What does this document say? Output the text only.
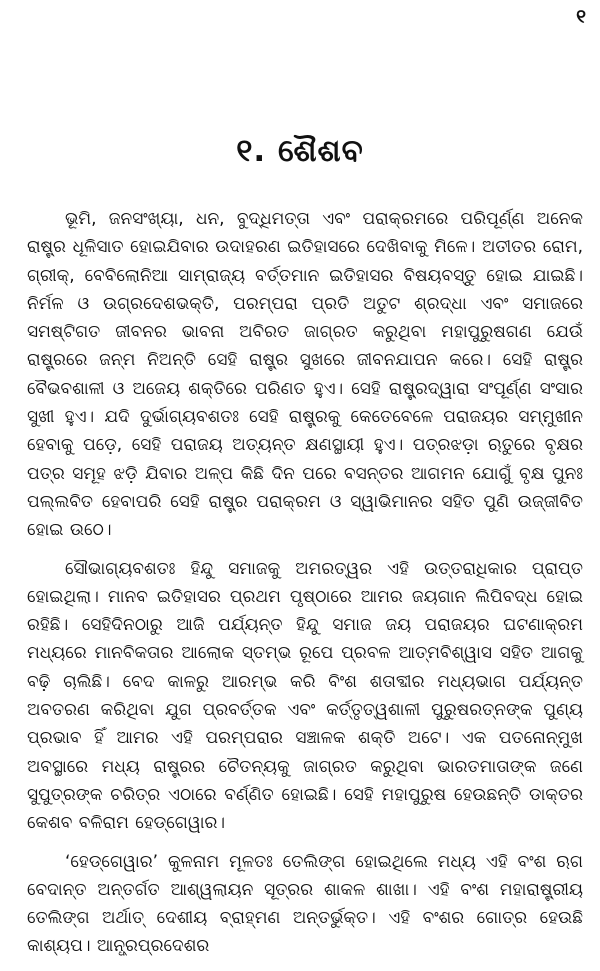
୧
୧. ଶୈଶବ

ଭୂମି, ଜନସଂଖ୍ୟା, ଧନ, ବୁଦ୍ଧିମତ୍ତା ଏବଂ ପରାକ୍ରମରେ ପରିପୂର୍ଣ୍ଣ ଅନେକ ରାଷ୍ଟ୍ର ଧୂଳିସାତ ହୋଇଯିବାର ଉଦାହରଣ ଇତିହାସରେ ଦେଖିବାକୁ ମିଳେ। ଅତୀତର ରୋମ, ଗ୍ରୀକ୍, ବେବିଲୋନିଆ ସାମ୍ରାଜ୍ୟ ବର୍ତ୍ତମାନ ଇତିହାସର ବିଷୟବସ୍ତୁ ହୋଇ ଯାଇଛି। ନିର୍ମଳ ଓ ଉଗ୍ରଦେଶଭକ୍ତି, ପରମ୍ପରା ପ୍ରତି ଅତୁଟ ଶ୍ରଦ୍ଧା ଏବଂ ସମାଜରେ ସମଷ୍ଟିଗତ ଜୀବନର ଭାବନା ଅବିରତ ଜାଗ୍ରତ କରୁଥିବା ମହାପୁରୁଷଗଣ ଯେଉଁ ରାଷ୍ଟ୍ରରେ ଜନ୍ମ ନିଅନ୍ତି ସେହି ରାଷ୍ଟ୍ର ସୁଖରେ ଜୀବନଯାପନ କରେ। ସେହି ରାଷ୍ଟ୍ର ବୈଭବଶାଳୀ ଓ ଅଜେୟ ଶକ୍ତିରେ ପରିଣତ ହୁଏ। ସେହି ରାଷ୍ଟ୍ରଦ୍ୱାରା ସଂପୂର୍ଣ୍ଣ ସଂସାର ସୁଖୀ ହୁଏ। ଯଦି ଦୁର୍ଭାଗ୍ୟବଶତଃ ସେହି ରାଷ୍ଟ୍ରକୁ କେତେବେଳେ ପରାଜୟର ସମ୍ମୁଖୀନ ହେବାକୁ ପଡ଼େ, ସେହି ପରାଜୟ ଅତ୍ୟନ୍ତ କ୍ଷଣସ୍ଥାୟୀ ହୁଏ। ପତ୍ରଝଡ଼ା ଋତୁରେ ବୃକ୍ଷର ପତ୍ର ସମୂହ ଝଡ଼ି ଯିବାର ଅଳ୍ପ କିଛି ଦିନ ପରେ ବସନ୍ତର ଆଗମନ ଯୋଗୁଁ ବୃକ୍ଷ ପୁନଃ ପଲ୍ଲବିତ ହେବାପରି ସେହି ରାଷ୍ଟ୍ର ପରାକ୍ରମ ଓ ସ୍ୱାଭିମାନର ସହିତ ପୁଣି ଉଜ୍ଜୀବିତ ହୋଇ ଉଠେ।

ସୌଭାଗ୍ୟବଶତଃ ହିନ୍ଦୁ ସମାଜକୁ ଅମରତ୍ୱର ଏହି ଉତ୍ତରାଧିକାର ପ୍ରାପ୍ତ ହୋଇଥିଲା। ମାନବ ଇତିହାସର ପ୍ରଥମ ପୃଷ୍ଠାରେ ଆମର ଜୟଗାନ ଲିପିବଦ୍ଧ ହୋଇ ରହିଛି। ସେହିଦିନଠାରୁ ଆଜି ପର୍ଯ୍ୟନ୍ତ ହିନ୍ଦୁ ସମାଜ ଜୟ ପରାଜୟର ଘଟଣାକ୍ରମ ମଧ୍ୟରେ ମାନବିକତାର ଆଲୋକ ସ୍ତମ୍ଭ ରୂପେ ପ୍ରବଳ ଆତ୍ମବିଶ୍ୱାସ ସହିତ ଆଗକୁ ବଢ଼ି ଚାଲିଛି। ବେଦ କାଳରୁ ଆରମ୍ଭ କରି ବିଂଶ ଶତାବ୍ଦୀର ମଧ୍ୟଭାଗ ପର୍ଯ୍ୟନ୍ତ ଅବତରଣ କରିଥିବା ଯୁଗ ପ୍ରବର୍ତ୍ତକ ଏବଂ କର୍ତ୍ତୃତ୍ୱଶାଳୀ ପୁରୁଷରତ୍ନଙ୍କ ପୁଣ୍ୟ ପ୍ରଭାବ ହିଁ ଆମର ଏହି ପରମ୍ପରାର ସଞ୍ଚାଳକ ଶକ୍ତି ଅଟେ। ଏକ ପତନୋନ୍ମୁଖ ଅବସ୍ଥାରେ ମଧ୍ୟ ରାଷ୍ଟ୍ରର ଚୈତନ୍ୟକୁ ଜାଗ୍ରତ କରୁଥିବା ଭାରତମାତାଙ୍କ ଜଣେ ସୁପୁତ୍ରଙ୍କ ଚରିତ୍ର ଏଠାରେ ବର୍ଣ୍ଣିତ ହୋଇଛି। ସେହି ମହାପୁରୁଷ ହେଉଛନ୍ତି ଡାକ୍ତର କେଶବ ବଳିରାମ ହେଡ୍‌ଗେୱାର।

‘ହେଡ୍‌ଗେୱାର’ କୁଳନାମ ମୂଳତଃ ତେଲିଙ୍ଗ ହୋଇଥିଲେ ମଧ୍ୟ ଏହି ବଂଶ ଋଗ ବେଦାନ୍ତ ଅନ୍ତର୍ଗତ ଆଶ୍ୱଲାୟନ ସୂତ୍ରର ଶାକଳ ଶାଖା। ଏହି ବଂଶ ମହାରାଷ୍ଟ୍ରୀୟ ତେଲିଙ୍ଗ ଅର୍ଥାତ୍ ଦେଶୀୟ ବ୍ରାହ୍ମଣ ଅନ୍ତର୍ଭୁକ୍ତ। ଏହି ବଂଶର ଗୋତ୍ର ହେଉଛି କାଶ୍ୟପ। ଆନ୍ଧ୍ରପ୍ରଦେଶର
